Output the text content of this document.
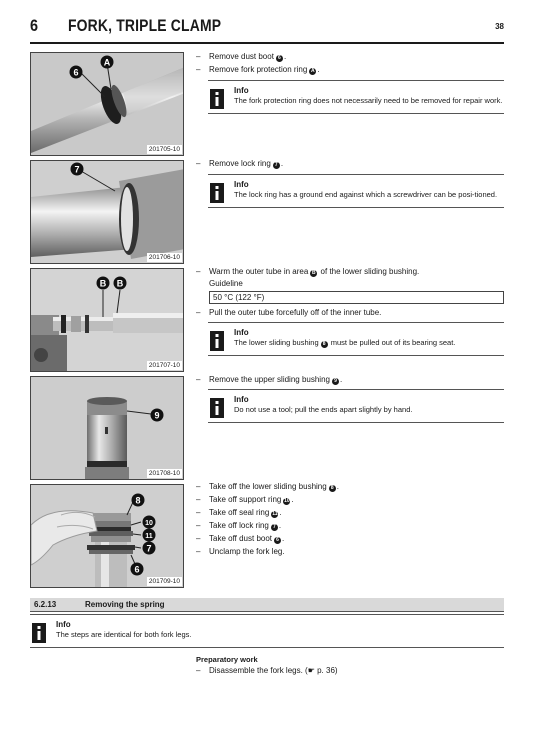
6 FORK, TRIPLE CLAMP	38
A
6
201705-10
7
201706-10
B B
201707-10
9
201708-10
8
10
11
7
6
201709-10
– Remove dust boot 6 .
– Remove fork protection ring A .
Info
The fork protection ring does not necessarily need to be removed for repair work.
– Remove lock ring 7 .
Info
The lock ring has a ground end against which a screwdriver can be posi-tioned.
– Warm the outer tube in area B of the lower sliding bushing.
Guideline
50 °C (122 °F)
– Pull the outer tube forcefully off of the inner tube.
Info
The lower sliding bushing 8 must be pulled out of its bearing seat.
– Remove the upper sliding bushing 9 .
Info
Do not use a tool; pull the ends apart slightly by hand.
– Take off the lower sliding bushing 8 .
– Take off support ring 10 .
– Take off seal ring 11 .
– Take off lock ring 7 .
– Take off dust boot 6 .
– Unclamp the fork leg.
6.2.13	Removing the spring
Info
The steps are identical for both fork legs.
Preparatory work
– Disassemble the fork legs. (☛ p. 36)
